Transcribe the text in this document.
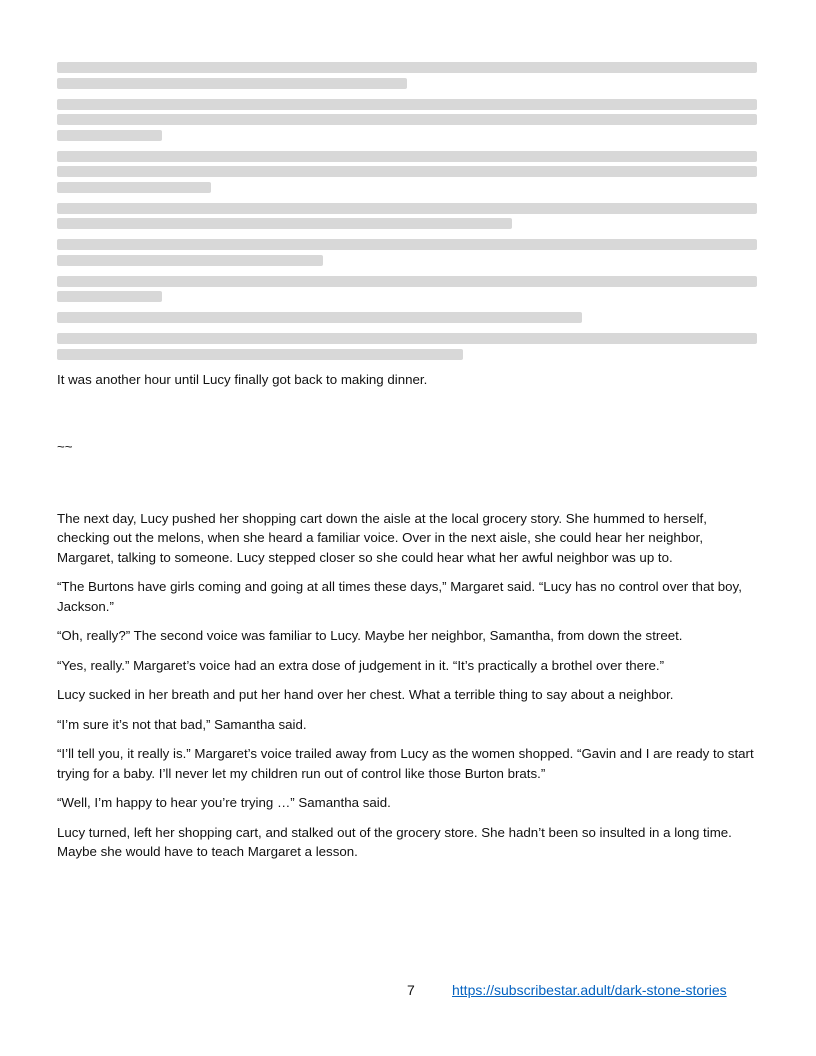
It was another hour until Lucy finally got back to making dinner.

~~

The next day, Lucy pushed her shopping cart down the aisle at the local grocery story. She hummed to herself, checking out the melons, when she heard a familiar voice. Over in the next aisle, she could hear her neighbor, Margaret, talking to someone. Lucy stepped closer so she could hear what her awful neighbor was up to.

“The Burtons have girls coming and going at all times these days,” Margaret said. “Lucy has no control over that boy, Jackson.”

“Oh, really?” The second voice was familiar to Lucy. Maybe her neighbor, Samantha, from down the street.

“Yes, really.” Margaret’s voice had an extra dose of judgement in it. “It’s practically a brothel over there.”

Lucy sucked in her breath and put her hand over her chest. What a terrible thing to say about a neighbor.

“I’m sure it’s not that bad,” Samantha said.

“I’ll tell you, it really is.” Margaret’s voice trailed away from Lucy as the women shopped. “Gavin and I are ready to start trying for a baby. I’ll never let my children run out of control like those Burton brats.”

“Well, I’m happy to hear you’re trying …” Samantha said.

Lucy turned, left her shopping cart, and stalked out of the grocery store. She hadn’t been so insulted in a long time. Maybe she would have to teach Margaret a lesson.

7	https://subscribestar.adult/dark-stone-stories
